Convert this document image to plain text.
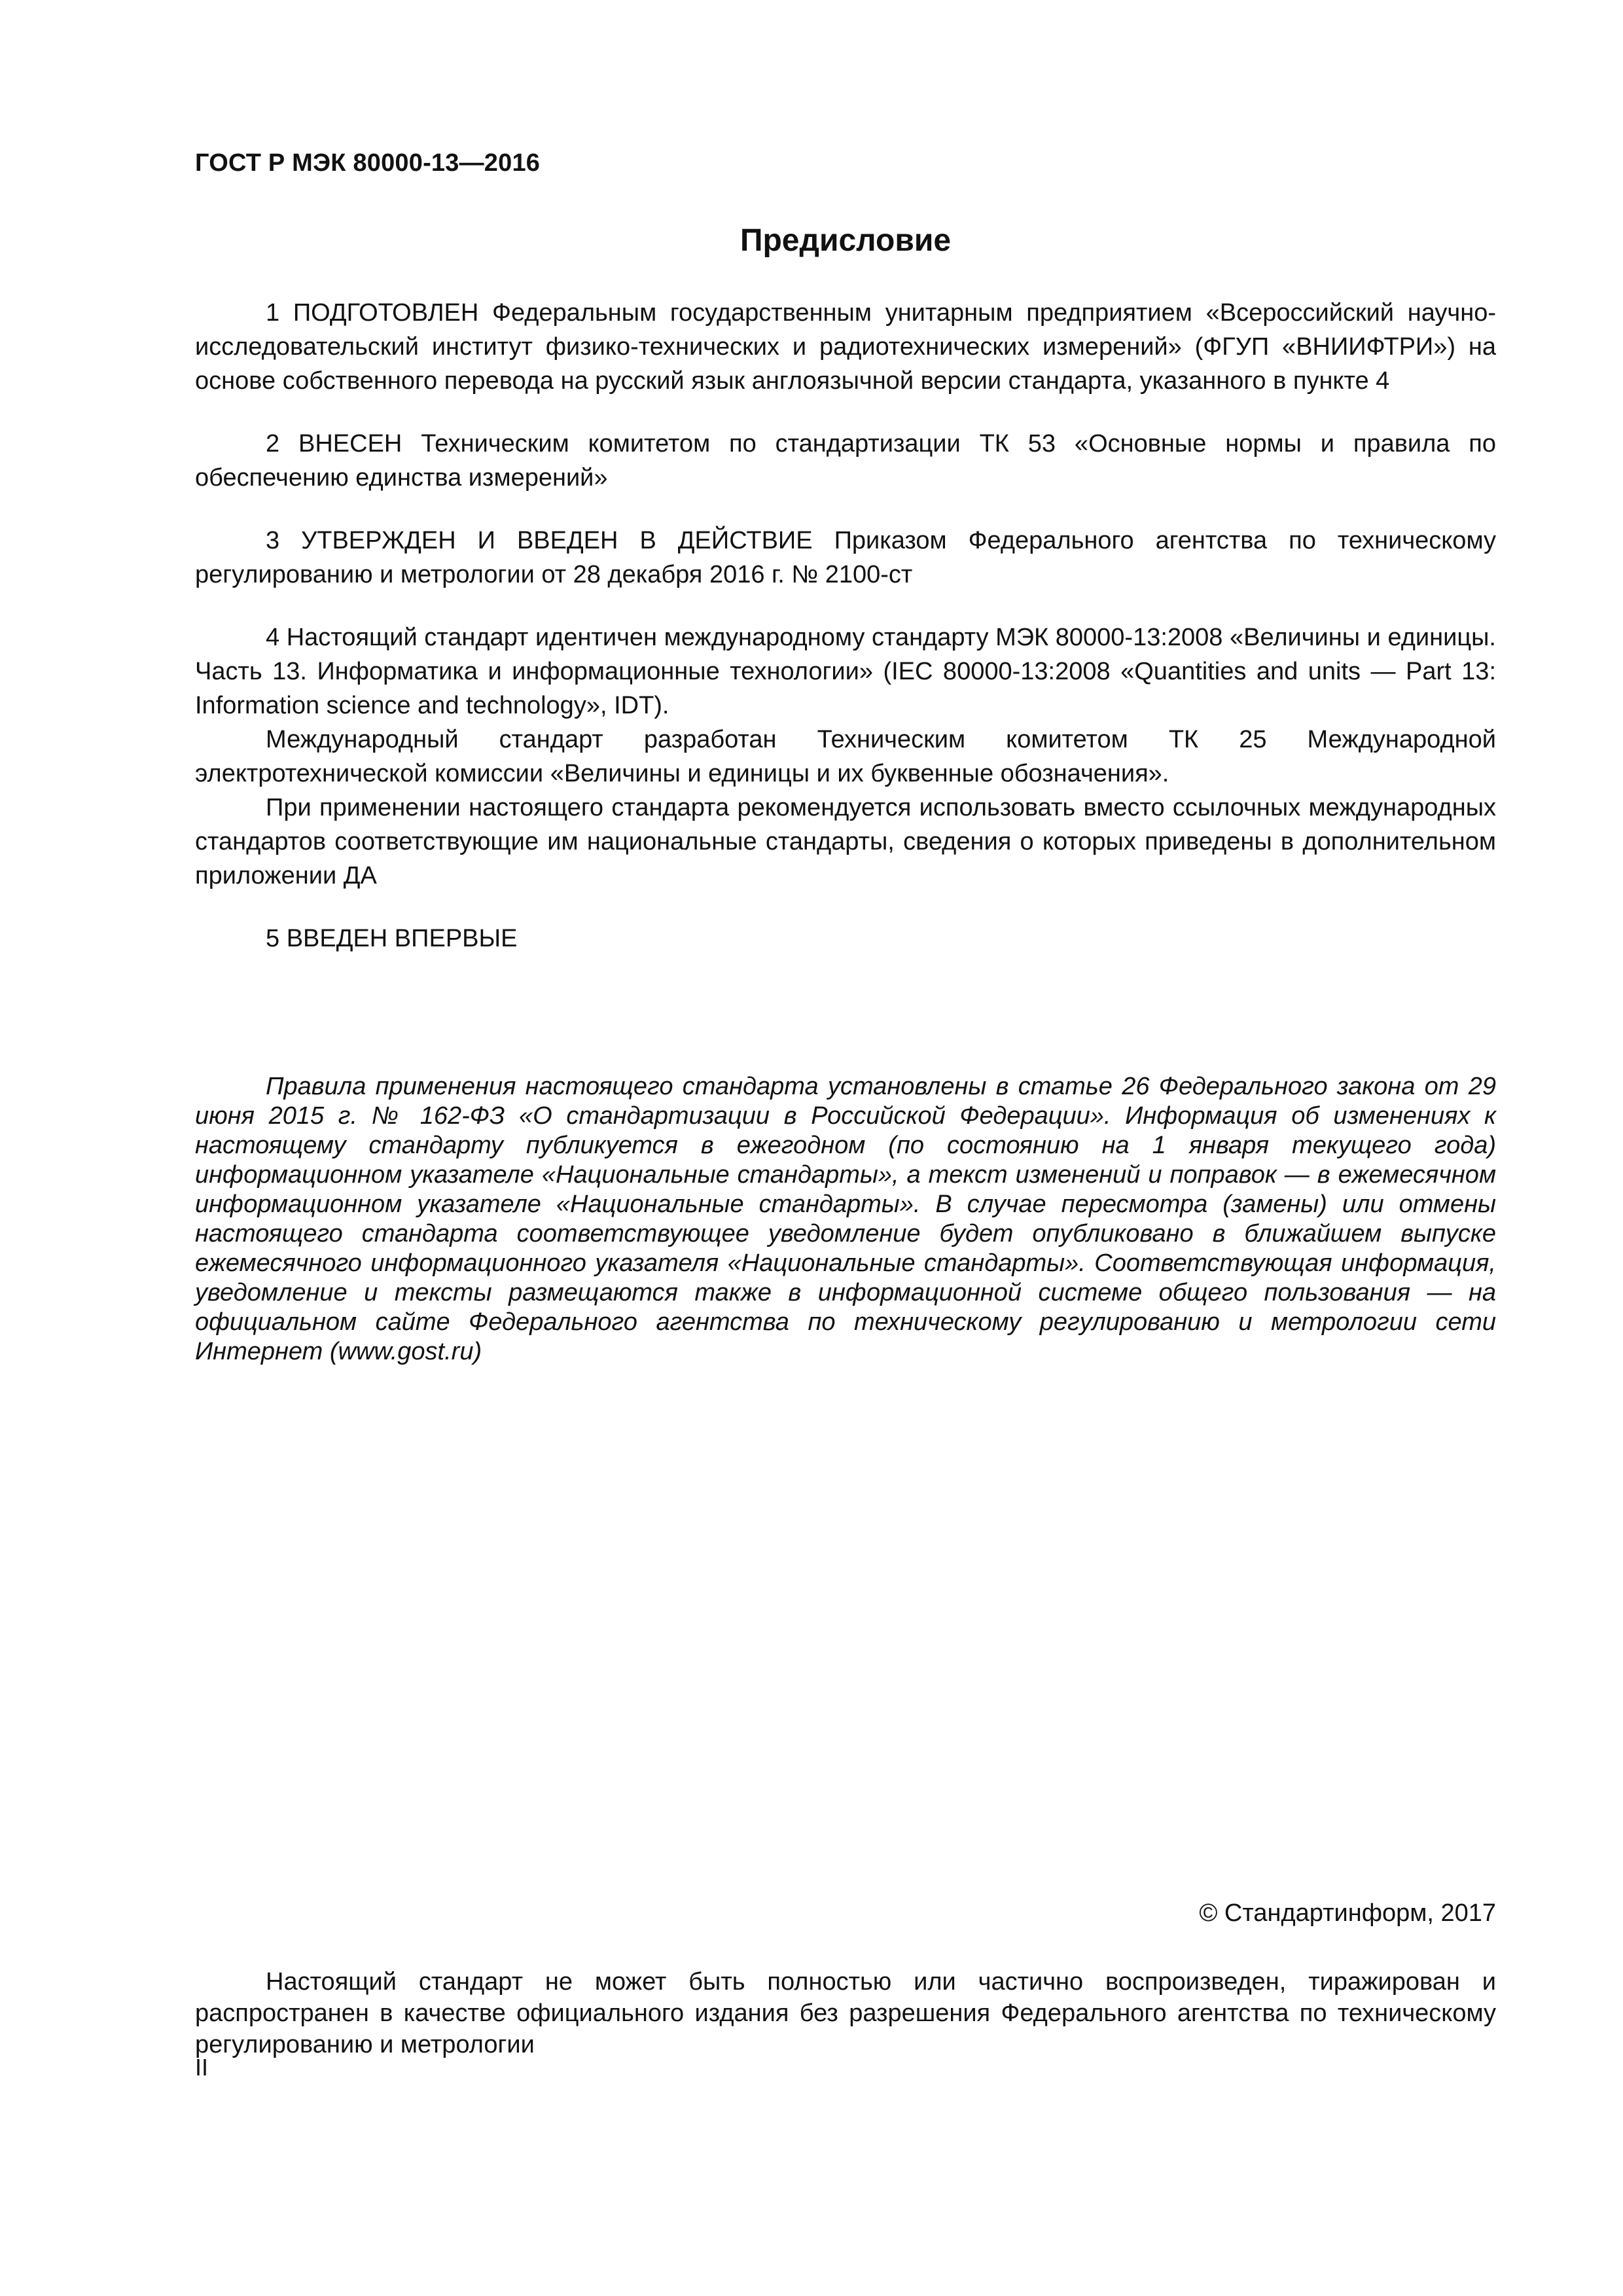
ГОСТ Р МЭК 80000-13—2016
Предисловие

1 ПОДГОТОВЛЕН Федеральным государственным унитарным предприятием «Всероссийский научно-исследовательский институт физико-технических и радиотехнических измерений» (ФГУП «ВНИИФТРИ») на основе собственного перевода на русский язык англоязычной версии стандарта, указанного в пункте 4

2 ВНЕСЕН Техническим комитетом по стандартизации ТК 53 «Основные нормы и правила по обеспечению единства измерений»

3 УТВЕРЖДЕН И ВВЕДЕН В ДЕЙСТВИЕ Приказом Федерального агентства по техническому регулированию и метрологии от 28 декабря 2016 г. № 2100-ст

4 Настоящий стандарт идентичен международному стандарту МЭК 80000-13:2008 «Величины и единицы. Часть 13. Информатика и информационные технологии» (IEC 80000-13:2008 «Quantities and units — Part 13: Information science and technology», IDT).

Международный стандарт разработан Техническим комитетом ТК 25 Международной электротехнической комиссии «Величины и единицы и их буквенные обозначения».

При применении настоящего стандарта рекомендуется использовать вместо ссылочных международных стандартов соответствующие им национальные стандарты, сведения о которых приведены в дополнительном приложении ДА

5 ВВЕДЕН ВПЕРВЫЕ

Правила применения настоящего стандарта установлены в статье 26 Федерального закона от 29 июня 2015 г. № 162-ФЗ «О стандартизации в Российской Федерации». Информация об изменениях к настоящему стандарту публикуется в ежегодном (по состоянию на 1 января текущего года) информационном указателе «Национальные стандарты», а текст изменений и поправок — в ежемесячном информационном указателе «Национальные стандарты». В случае пересмотра (замены) или отмены настоящего стандарта соответствующее уведомление будет опубликовано в ближайшем выпуске ежемесячного информационного указателя «Национальные стандарты». Соответствующая информация, уведомление и тексты размещаются также в информационной системе общего пользования — на официальном сайте Федерального агентства по техническому регулированию и метрологии сети Интернет (www.gost.ru)

© Стандартинформ, 2017

Настоящий стандарт не может быть полностью или частично воспроизведен, тиражирован и распространен в качестве официального издания без разрешения Федерального агентства по техническому регулированию и метрологии

II
